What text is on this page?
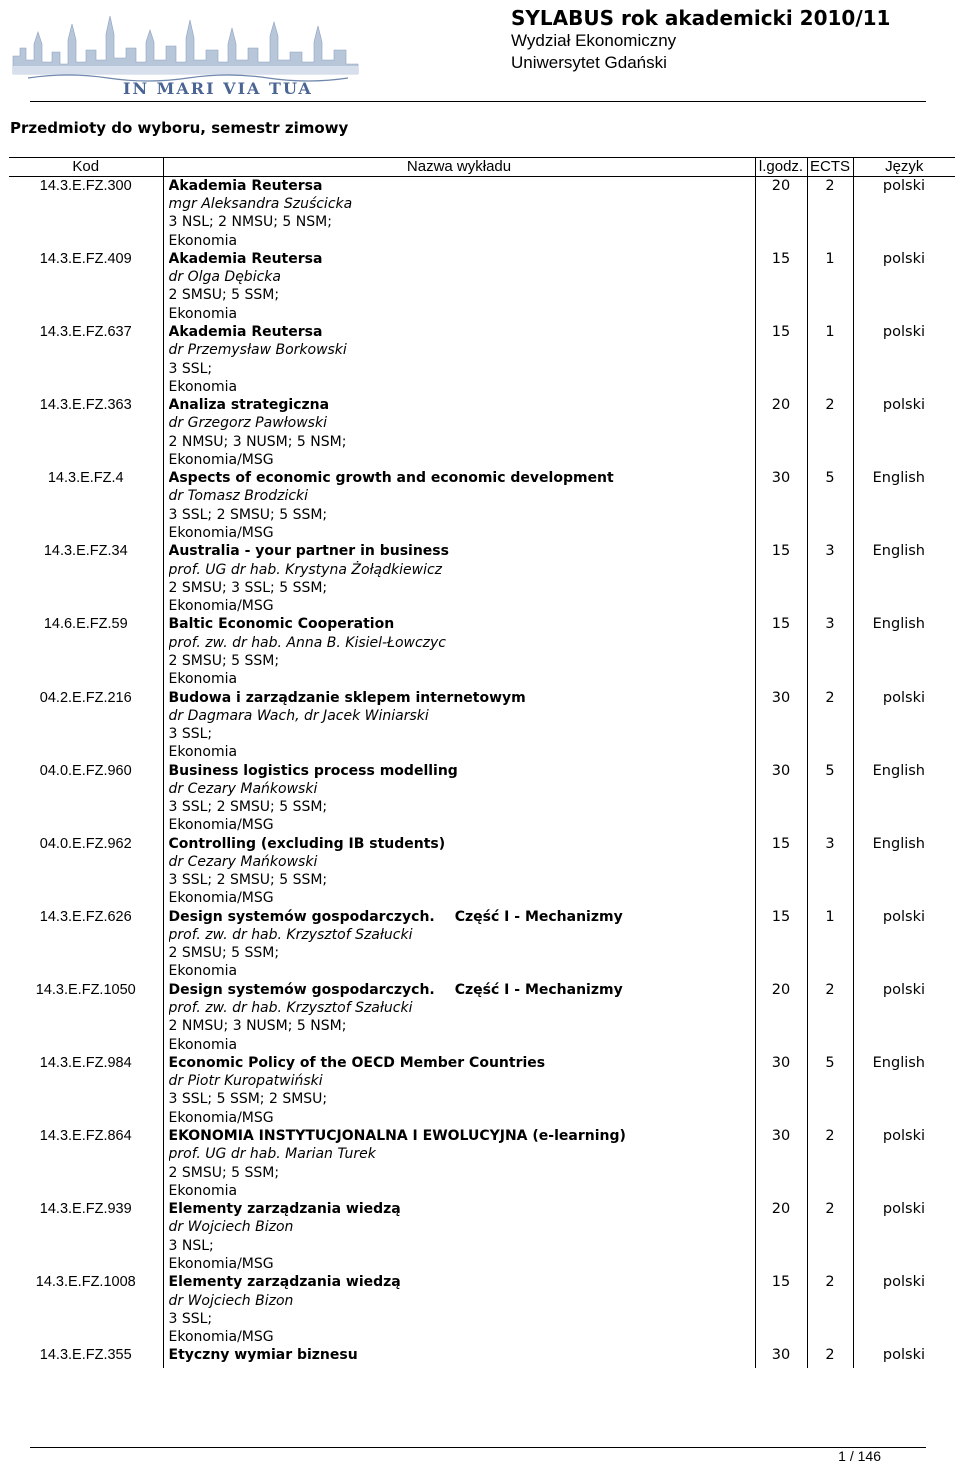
IN MARI VIA TUA
SYLABUS rok akademicki 2010/11
Wydział Ekonomiczny
Uniwersytet Gdański
Przedmioty do wyboru, semestr zimowy
Kod	Nazwa wykładu	l.godz.	ECTS	Język
14.3.E.FZ.300	Akademia Reutersa
mgr Aleksandra Szuścicka
3 NSL; 2 NMSU; 5 NSM;
Ekonomia	20	2	polski
14.3.E.FZ.409	Akademia Reutersa
dr Olga Dębicka
2 SMSU; 5 SSM;
Ekonomia	15	1	polski
14.3.E.FZ.637	Akademia Reutersa
dr Przemysław Borkowski
3 SSL;
Ekonomia	15	1	polski
14.3.E.FZ.363	Analiza strategiczna
dr Grzegorz Pawłowski
2 NMSU; 3 NUSM; 5 NSM;
Ekonomia/MSG	20	2	polski
14.3.E.FZ.4	Aspects of economic growth and economic development
dr Tomasz Brodzicki
3 SSL; 2 SMSU; 5 SSM;
Ekonomia/MSG	30	5	English
14.3.E.FZ.34	Australia - your partner in business
prof. UG dr hab. Krystyna Żołądkiewicz
2 SMSU; 3 SSL; 5 SSM;
Ekonomia/MSG	15	3	English
14.6.E.FZ.59	Baltic Economic Cooperation
prof. zw. dr hab. Anna B. Kisiel-Łowczyc
2 SMSU; 5 SSM;
Ekonomia	15	3	English
04.2.E.FZ.216	Budowa i zarządzanie sklepem internetowym
dr Dagmara Wach, dr Jacek Winiarski
3 SSL;
Ekonomia	30	2	polski
04.0.E.FZ.960	Business logistics process modelling
dr Cezary Mańkowski
3 SSL; 2 SMSU; 5 SSM;
Ekonomia/MSG	30	5	English
04.0.E.FZ.962	Controlling (excluding IB students)
dr Cezary Mańkowski
3 SSL; 2 SMSU; 5 SSM;
Ekonomia/MSG	15	3	English
14.3.E.FZ.626	Design systemów gospodarczych. Część I - Mechanizmy
prof. zw. dr hab. Krzysztof Szałucki
2 SMSU; 5 SSM;
Ekonomia	15	1	polski
14.3.E.FZ.1050	Design systemów gospodarczych. Część I - Mechanizmy
prof. zw. dr hab. Krzysztof Szałucki
2 NMSU; 3 NUSM; 5 NSM;
Ekonomia	20	2	polski
14.3.E.FZ.984	Economic Policy of the OECD Member Countries
dr Piotr Kuropatwiński
3 SSL; 5 SSM; 2 SMSU;
Ekonomia/MSG	30	5	English
14.3.E.FZ.864	EKONOMIA INSTYTUCJONALNA I EWOLUCYJNA (e-learning)
prof. UG dr hab. Marian Turek
2 SMSU; 5 SSM;
Ekonomia	30	2	polski
14.3.E.FZ.939	Elementy zarządzania wiedzą
dr Wojciech Bizon
3 NSL;
Ekonomia/MSG	20	2	polski
14.3.E.FZ.1008	Elementy zarządzania wiedzą
dr Wojciech Bizon
3 SSL;
Ekonomia/MSG	15	2	polski
14.3.E.FZ.355	Etyczny wymiar biznesu	30	2	polski
1 / 146
